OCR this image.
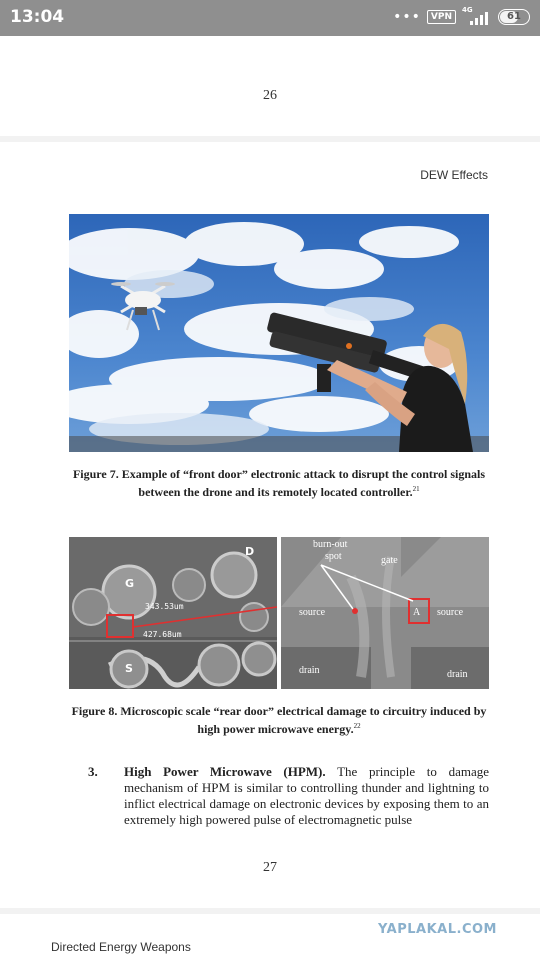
13:04	•••	VPN
4G
61
26
DEW Effects
Figure 7. Example of “front door” electronic attack to disrupt the control signals between the drone and its remotely located controller.$^{21}$
G
D
S
343.53um
427.68um
burn-out
spot	gate
source	source
A
drain	drain
Figure 8. Microscopic scale “rear door” electrical damage to circuitry induced by high power microwave energy.$^{22}$
3. High Power Microwave (HPM). The principle to damage mechanism of HPM is similar to controlling thunder and lightning to inflict electrical damage on electronic devices by exposing them to an extremely high powered pulse of electromagnetic pulse
27
YAPLAKAL.COM
Directed Energy Weapons
